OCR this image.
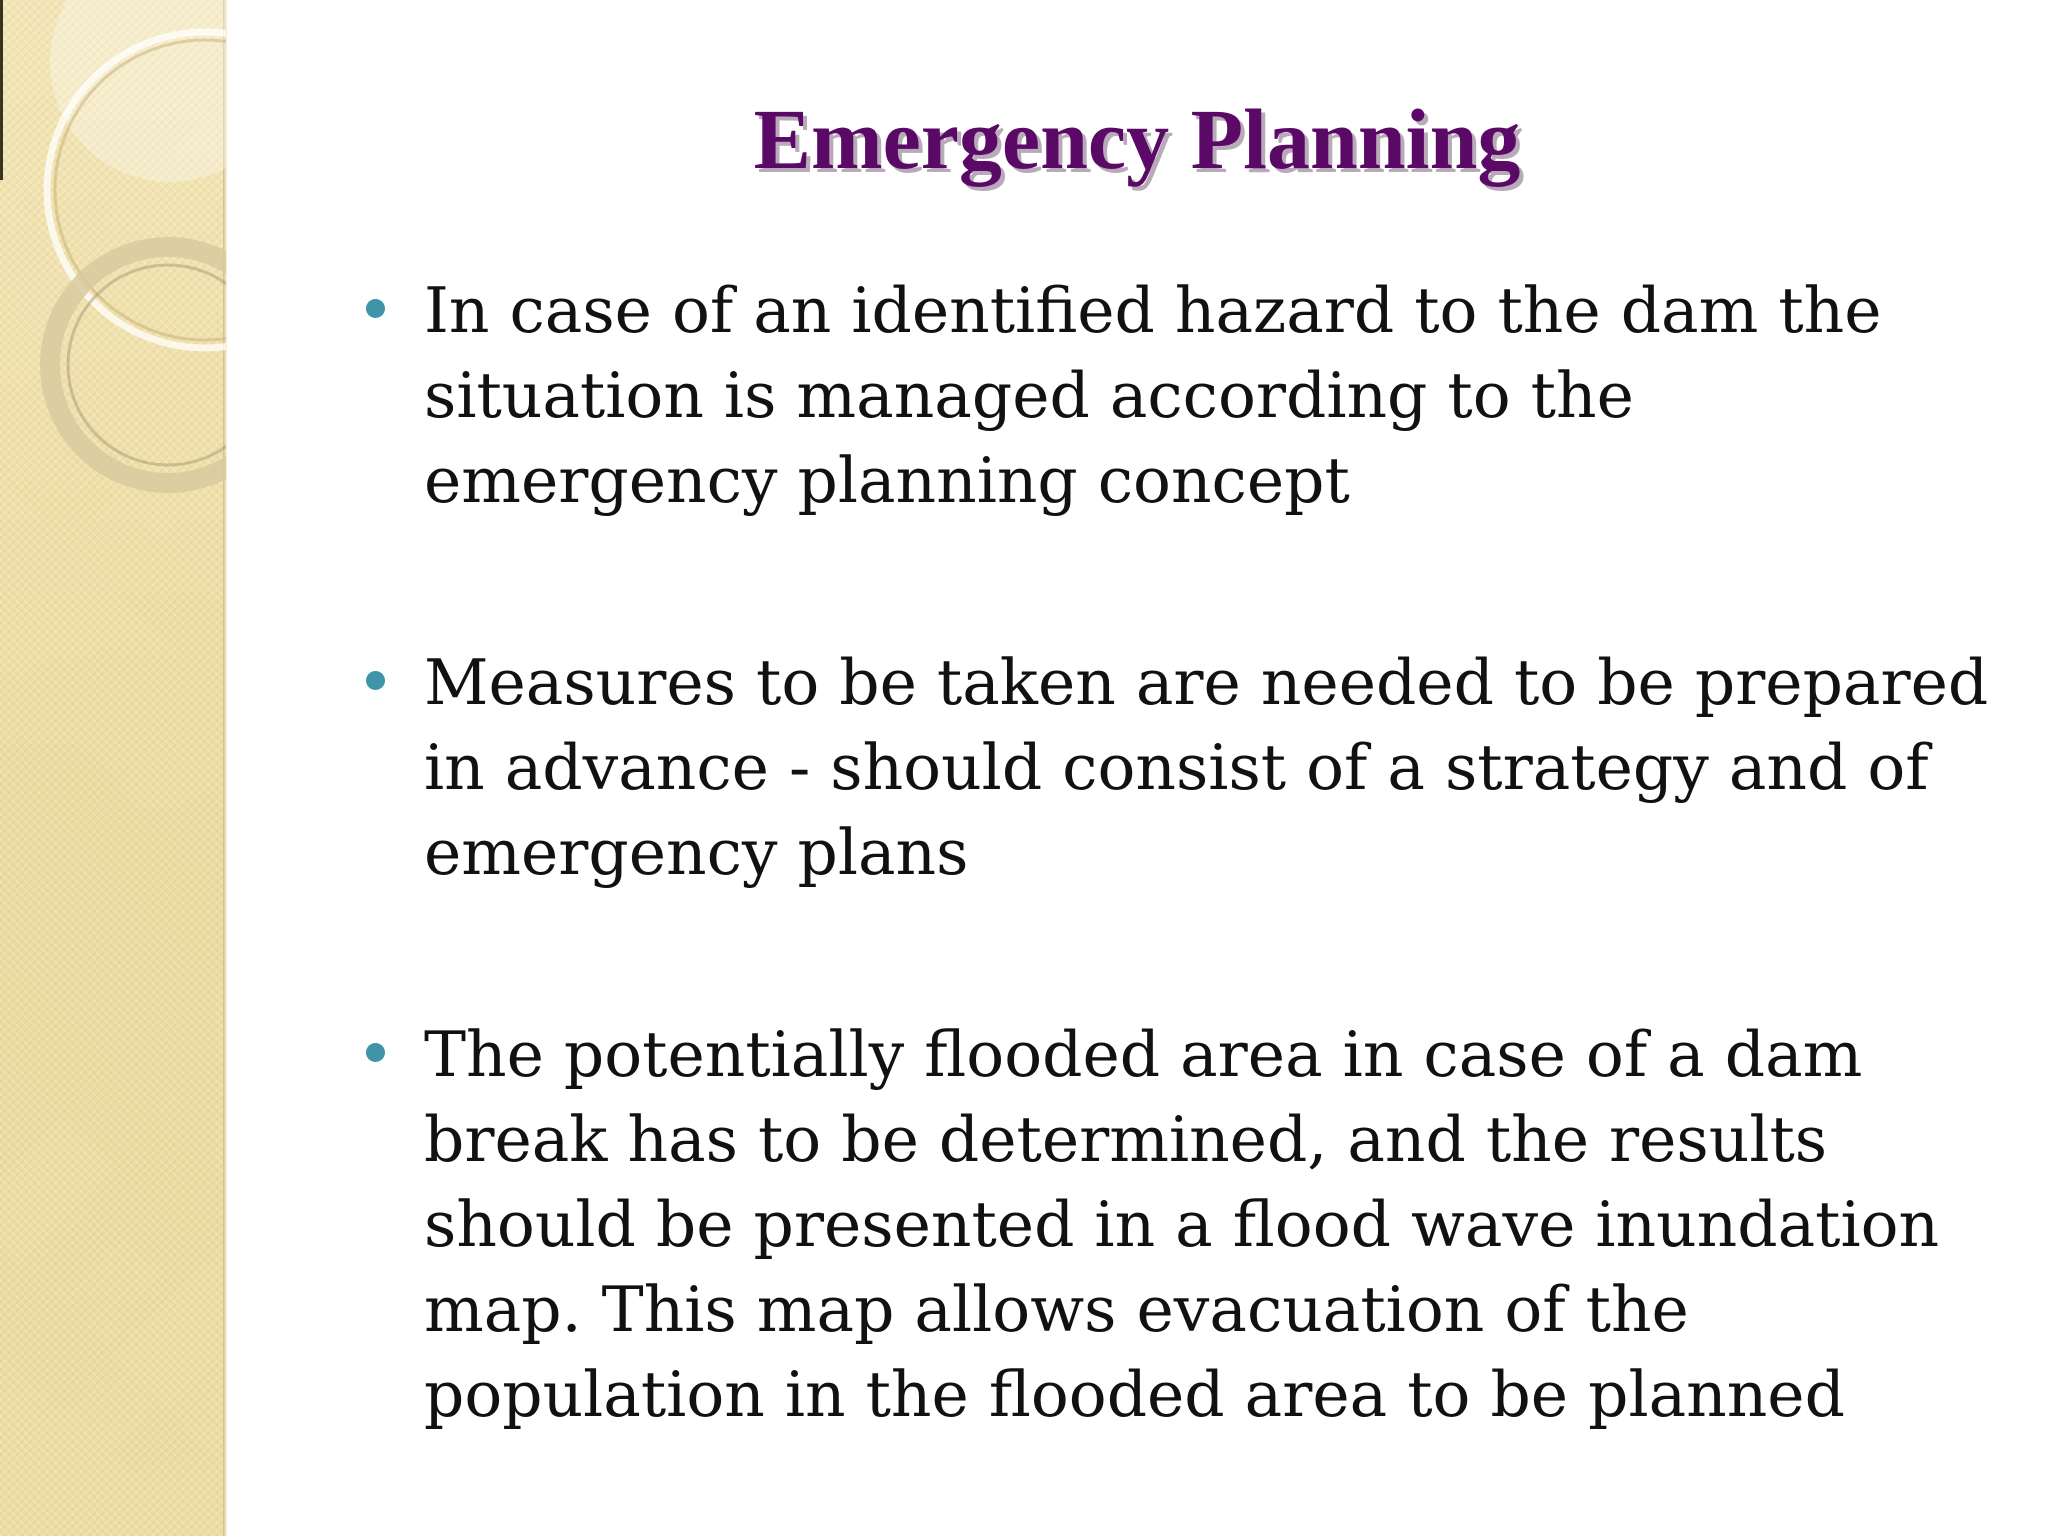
Emergency Planning
In case of an identified hazard to the dam the situation is managed according to the emergency planning concept
Measures to be taken are needed to be prepared in advance - should consist of a strategy and of emergency plans
The potentially flooded area in case of a dam break has to be determined, and the results should be presented in a flood wave inundation map. This map allows evacuation of the population in the flooded area to be planned
